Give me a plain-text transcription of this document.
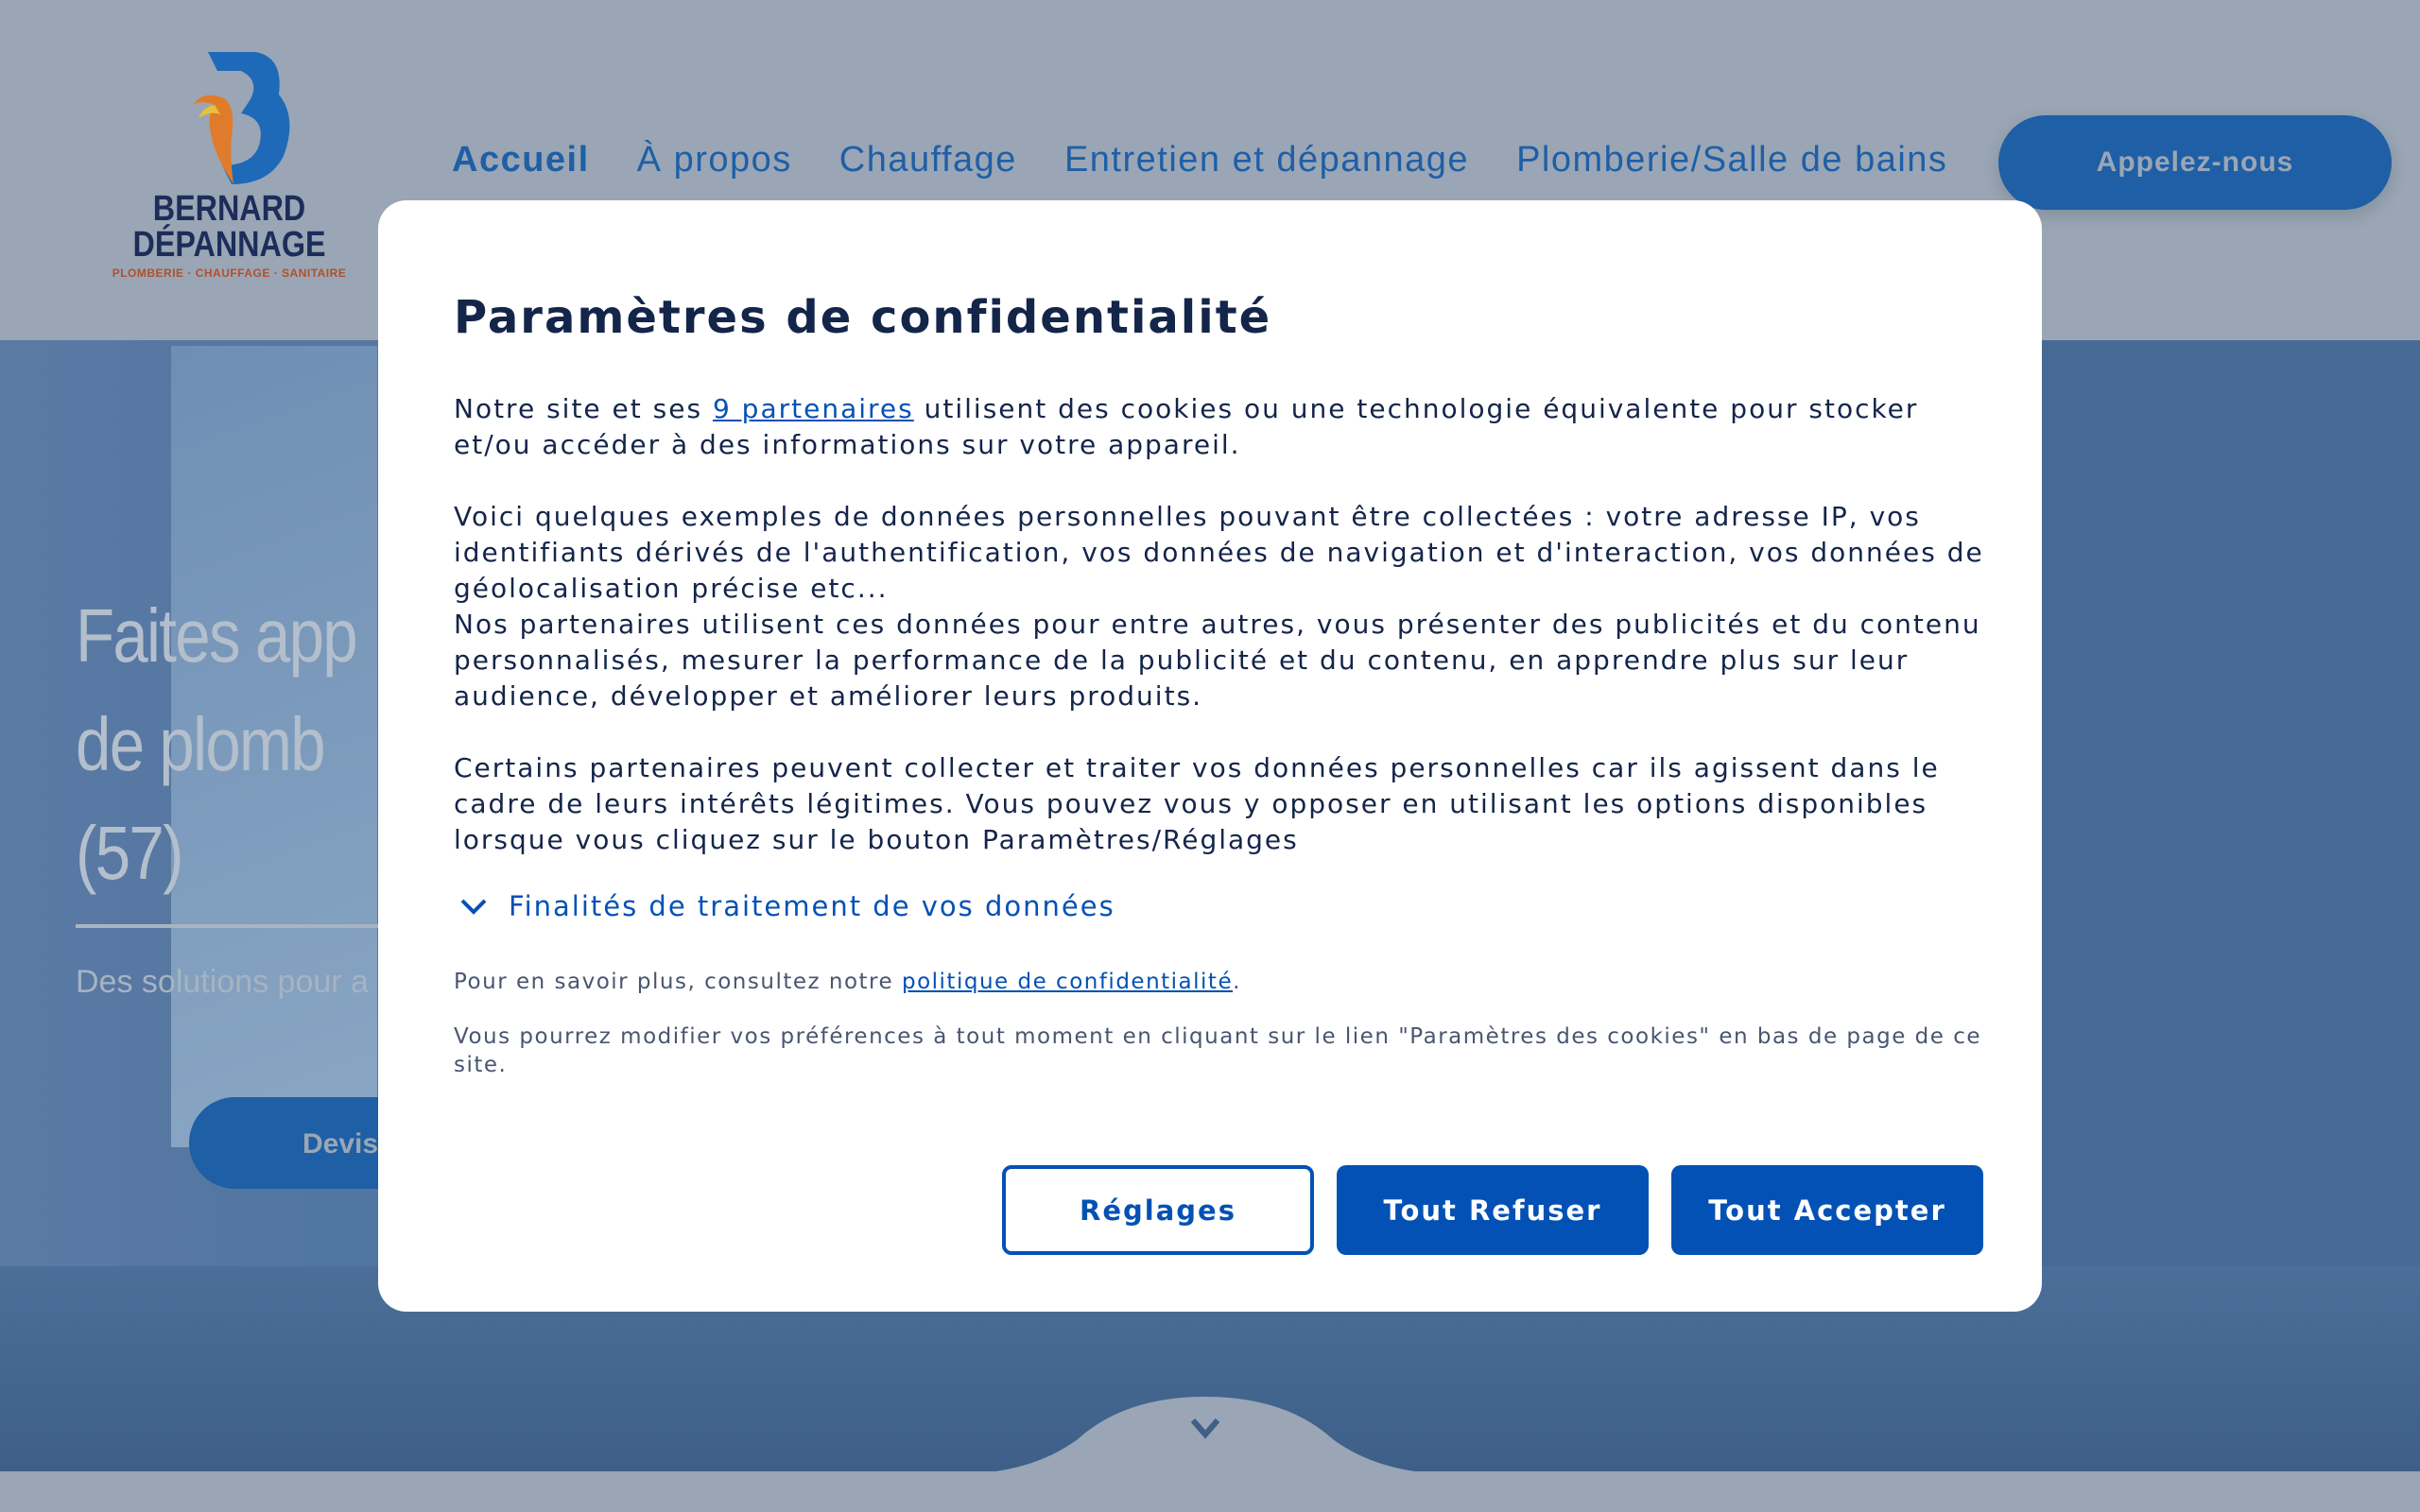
BERNARD
DÉPANNAGE
PLOMBERIE · CHAUFFAGE · SANITAIRE
Accueil À propos Chauffage Entretien et dépannage Plomberie/Salle de bains	Appelez-nous
Faites app
de plomb
(57)
Des solutions pour a
Devis
Paramètres de confidentialité

Notre site et ses 9 partenaires utilisent des cookies ou une technologie équivalente pour stocker et/ou accéder à des informations sur votre appareil.

Voici quelques exemples de données personnelles pouvant être collectées : votre adresse IP, vos identifiants dérivés de l'authentification, vos données de navigation et d'interaction, vos données de géolocalisation précise etc...

Nos partenaires utilisent ces données pour entre autres, vous présenter des publicités et du contenu personnalisés, mesurer la performance de la publicité et du contenu, en apprendre plus sur leur audience, développer et améliorer leurs produits.

Certains partenaires peuvent collecter et traiter vos données personnelles car ils agissent dans le cadre de leurs intérêts légitimes. Vous pouvez vous y opposer en utilisant les options disponibles lorsque vous cliquez sur le bouton Paramètres/Réglages

Finalités de traitement de vos données

Pour en savoir plus, consultez notre politique de confidentialité.

Vous pourrez modifier vos préférences à tout moment en cliquant sur le lien "Paramètres des cookies" en bas de page de ce site.

Réglages	Tout Refuser	Tout Accepter
